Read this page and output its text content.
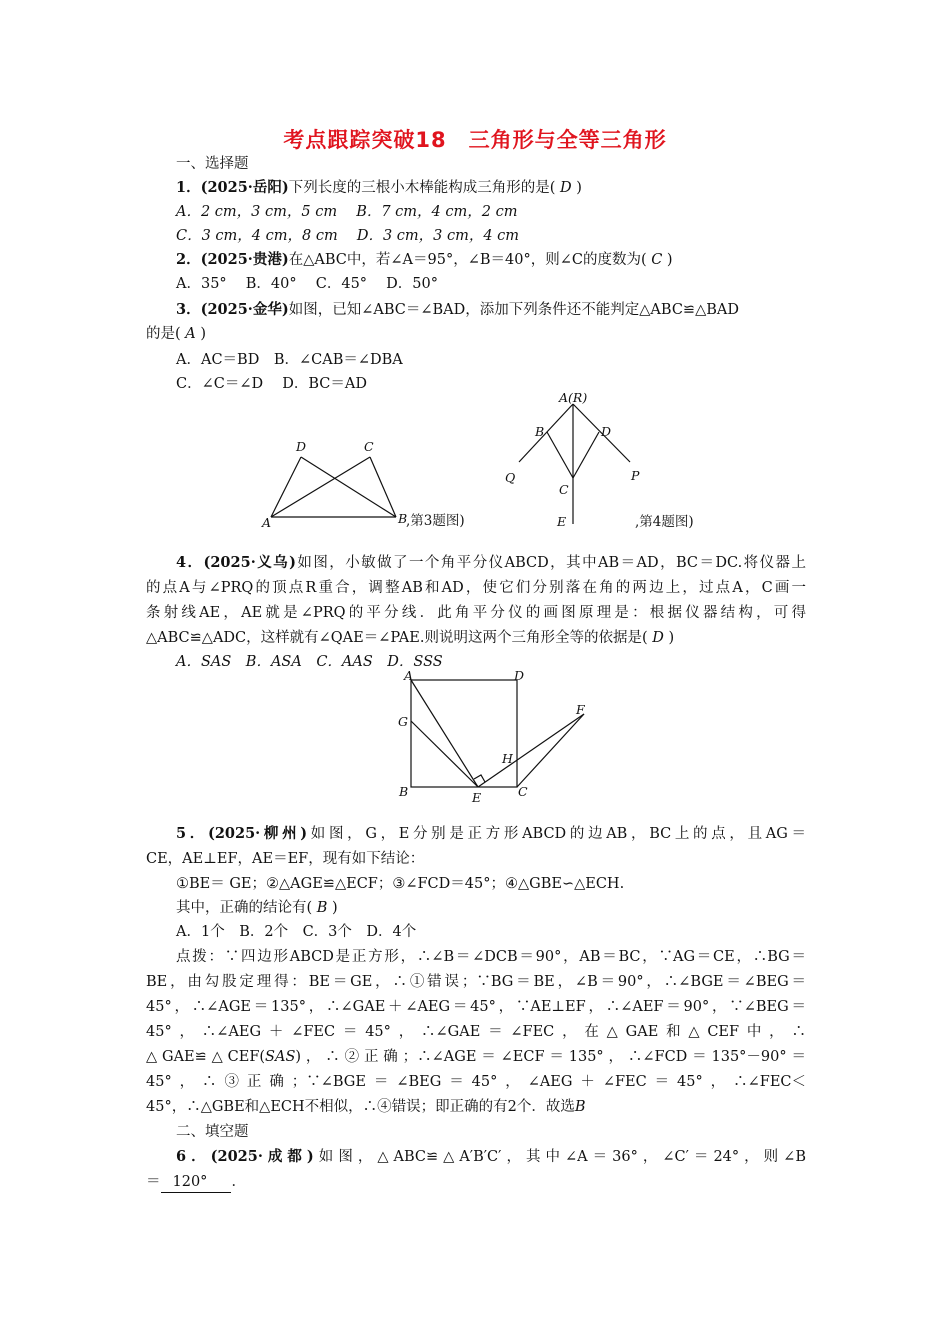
考点跟踪突破18　三角形与全等三角形
一、选择题
1．(2025·岳阳)下列长度的三根小木棒能构成三角形的是( D )
A．2 cm，3 cm，5 cm　 B．7 cm，4 cm，2 cm
C．3 cm，4 cm，8 cm　 D．3 cm，3 cm，4 cm
2．(2025·贵港)在△ABC中，若∠A＝95°，∠B＝40°，则∠C的度数为( C )
A．35°　 B．40°　 C．45°　 D．50°
3．(2025·金华)如图，已知∠ABC＝∠BAD，添加下列条件还不能判定△ABC≌△BAD
的是( A )
A．AC＝BD　B．∠CAB＝∠DBA
C．∠C＝∠D　 D．BC＝AD
D	C
A	B
,第3题图)
A(R)
B	D
Q	P
C
E	,第4题图)
4．(2025·义乌)如图，小敏做了一个角平分仪ABCD，其中AB＝AD，BC＝DC.将仪器上
的点A与∠PRQ的顶点R重合，调整AB和AD，使它们分别落在角的两边上，过点A，C画一
条射线AE，AE就是∠PRQ的平分线．此角平分仪的画图原理是：根据仪器结构，可得
△ABC≌△ADC，这样就有∠QAE＝∠PAE.则说明这两个三角形全等的依据是( D )
A．SAS　B．ASA　C．AAS　D．SSS
A	D
G
F
H
B	E	C
5．(2025·柳州)如图，G，E分别是正方形ABCD的边AB，BC上的点，且AG＝
CE，AE⊥EF，AE＝EF，现有如下结论：
①BE＝ GE；②△AGE≌△ECF；③∠FCD＝45°；④△GBE∽△ECH.
其中，正确的结论有( B )
A．1个　B．2个　C．3个　D．4个
点拨：∵四边形ABCD是正方形，∴∠B＝∠DCB＝90°，AB＝BC，∵AG＝CE，∴BG＝
BE，由勾股定理得：BE＝GE，∴①错误；∵BG＝BE，∠B＝90°，∴∠BGE＝∠BEG＝
45°，∴∠AGE＝135°，∴∠GAE＋∠AEG＝45°，∵AE⊥EF，∴∠AEF＝90°，∵∠BEG＝
45°，∴∠AEG＋∠FEC＝45°，∴∠GAE＝∠FEC，在△GAE和△CEF中，∴
△GAE≌△CEF(SAS)，∴②正确；∴∠AGE＝∠ECF＝135°，∴∠FCD＝135°－90°＝
45°，∴③正确；∵∠BGE＝∠BEG＝45°，∠AEG＋∠FEC＝45°，∴∠FEC＜
45°，∴△GBE和△ECH不相似，∴④错误；即正确的有2个．故选B
二、填空题
6．(2025·成都)如图，△ABC≌△A′B′C′，其中∠A＝36°，∠C′＝24°，则∠B
＝ 120° ．
